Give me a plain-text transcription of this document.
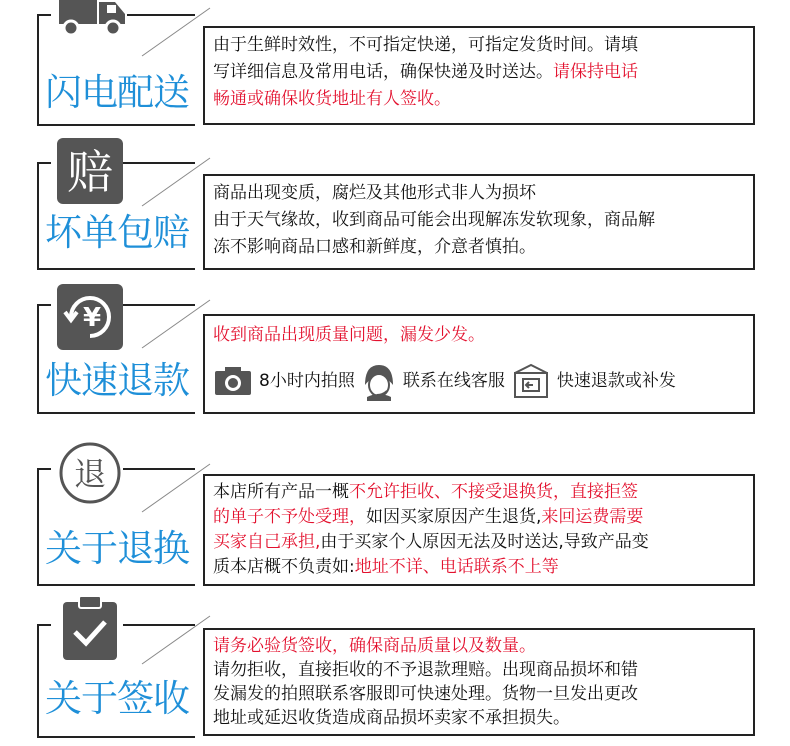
闪电配送
由于生鲜时效性，不可指定快递，可指定发货时间。请填
写详细信息及常用电话，确保快递及时送达。请保持电话
畅通或确保收货地址有人签收。
赔
坏单包赔
商品出现变质，腐烂及其他形式非人为损坏
由于天气缘故，收到商品可能会出现解冻发软现象，商品解
冻不影响商品口感和新鲜度，介意者慎拍。
¥
快速退款
收到商品出现质量问题，漏发少发。
8小时内拍照	联系在线客服	快速退款或补发
退
关于退换
本店所有产品一概不允许拒收、不接受退换货，直接拒签
的单子不予处受理，如因买家原因产生退货,来回运费需要
买家自己承担,由于买家个人原因无法及时送达,导致产品变
质本店概不负责如:地址不详、电话联系不上等
关于签收
请务必验货签收，确保商品质量以及数量。
请勿拒收，直接拒收的不予退款理赔。出现商品损坏和错
发漏发的拍照联系客服即可快速处理。货物一旦发出更改
地址或延迟收货造成商品损坏卖家不承担损失。
